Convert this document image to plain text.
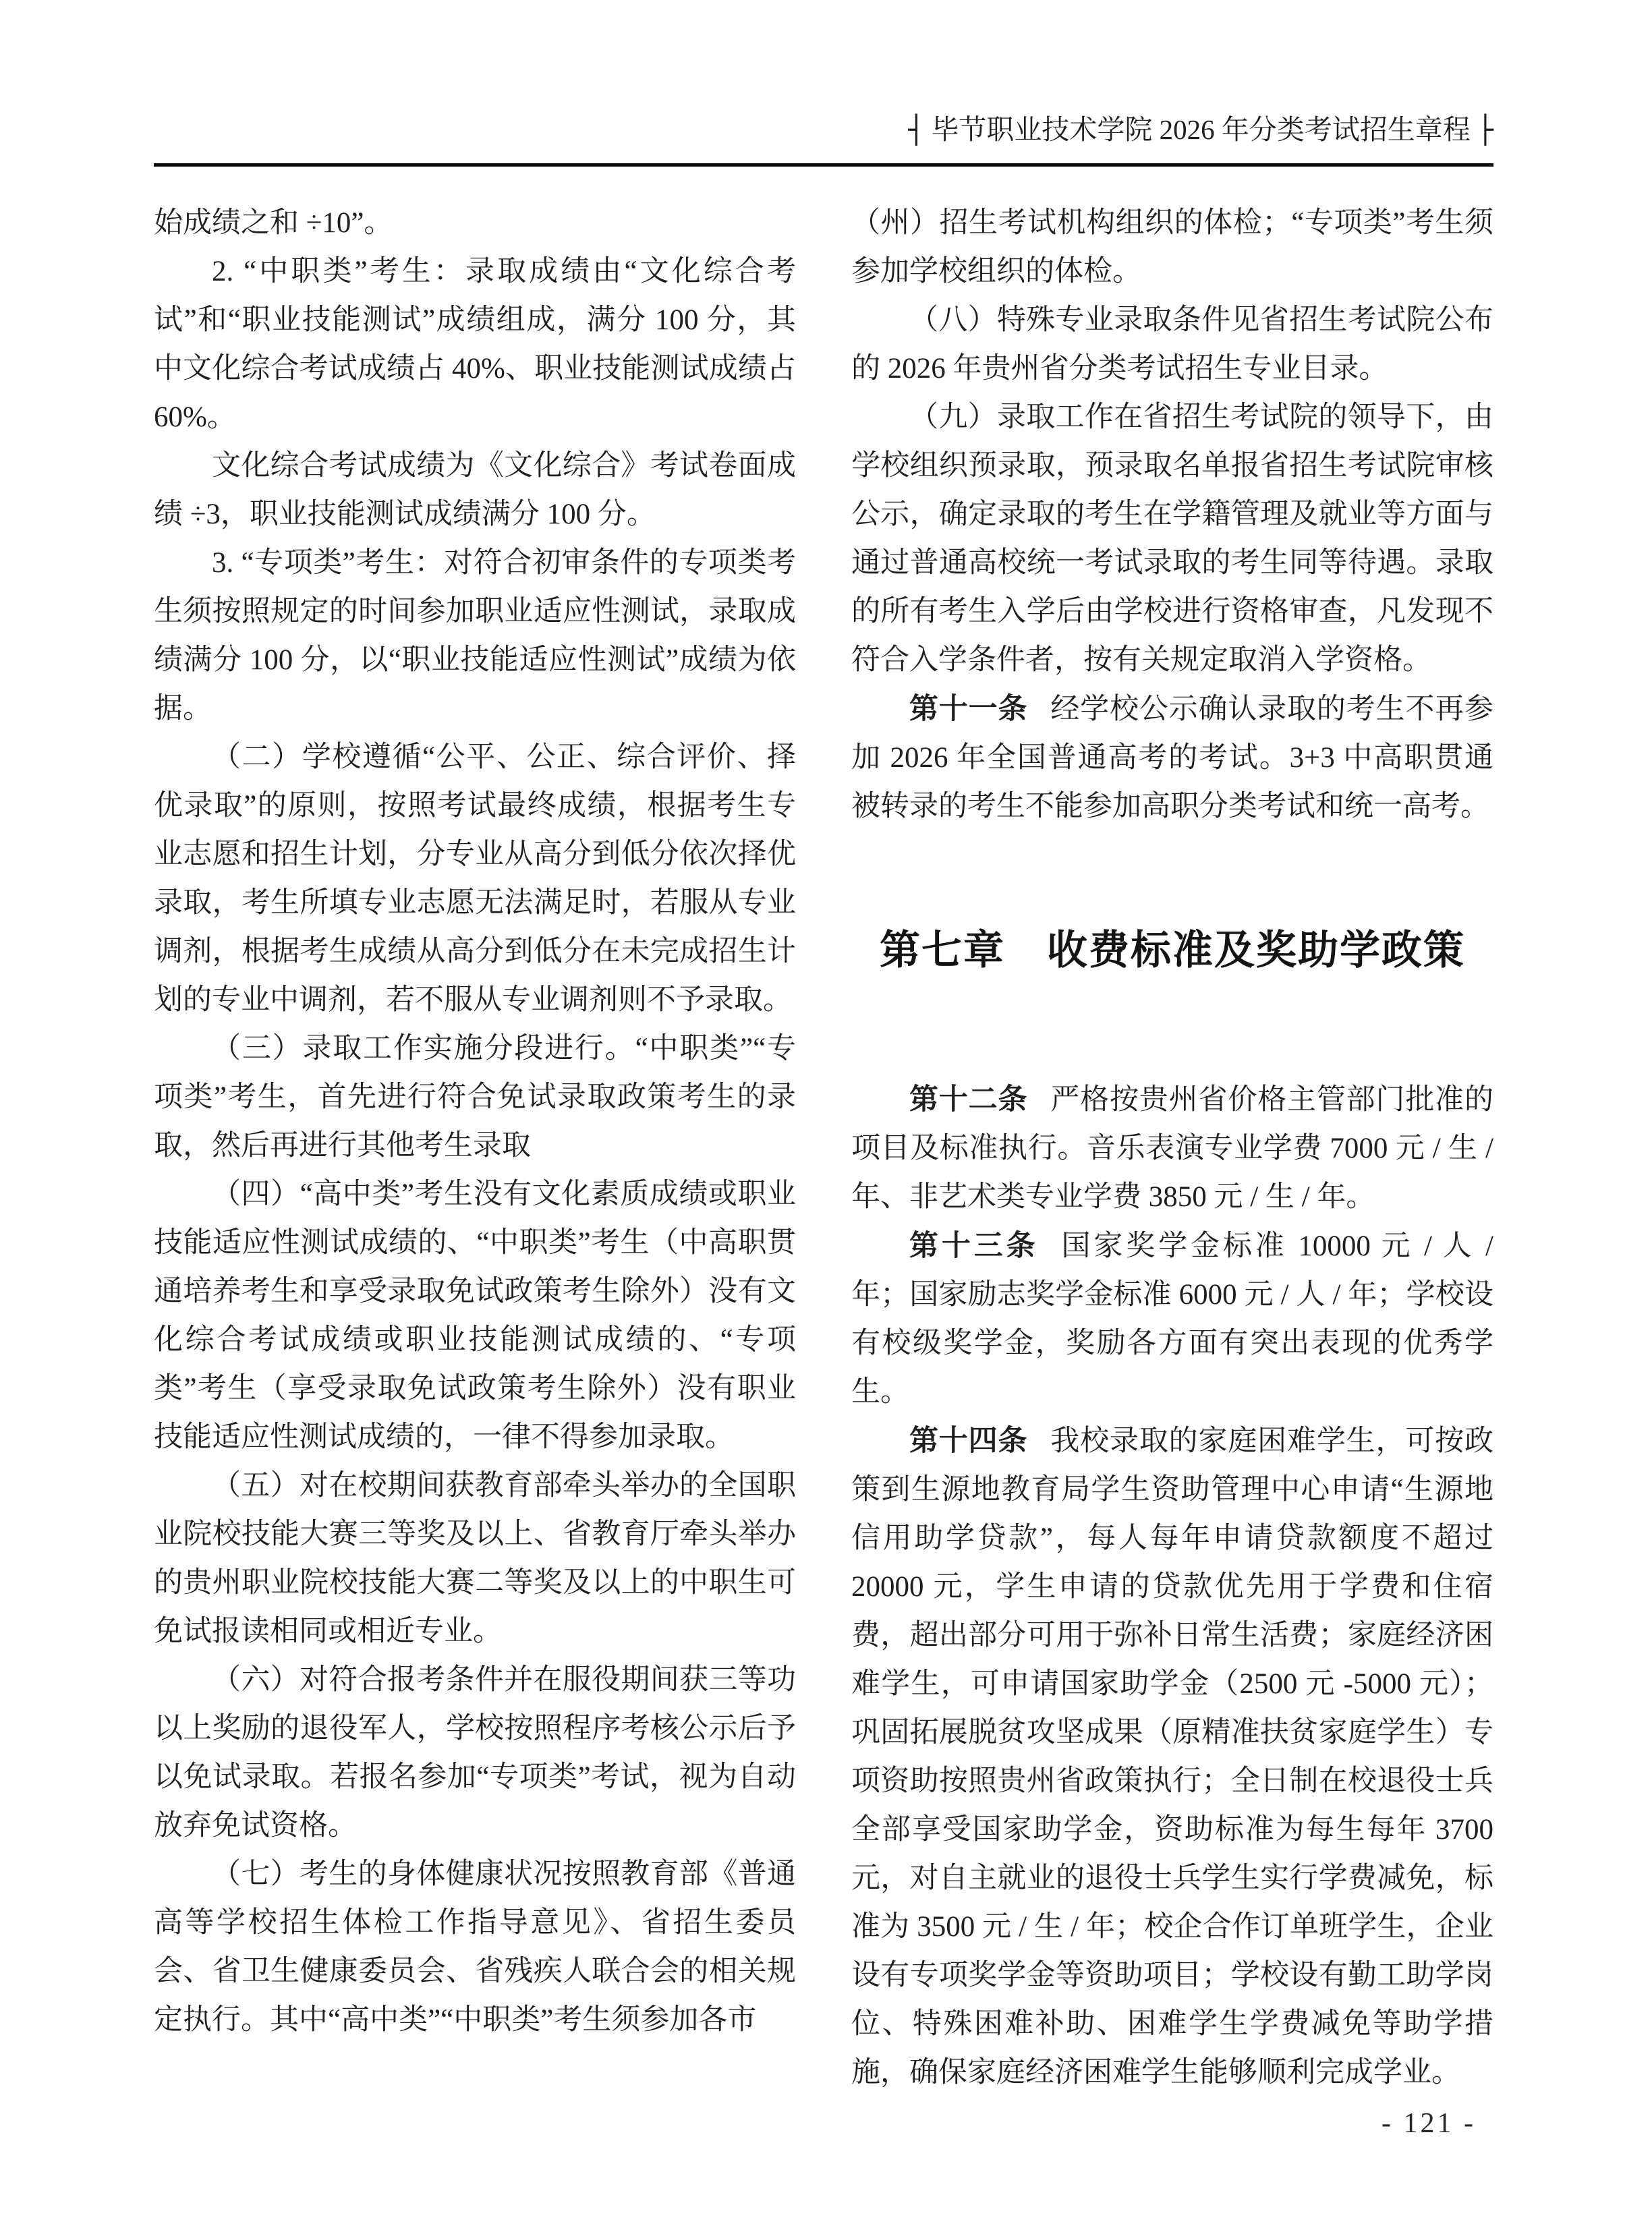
┤ 毕节职业技术学院 2026 年分类考试招生章程 ├

始成绩之和 ÷10”。

2. “中职类”考生：录取成绩由“文化综合考试”和“职业技能测试”成绩组成，满分 100 分，其中文化综合考试成绩占 40%、职业技能测试成绩占 60%。

文化综合考试成绩为《文化综合》考试卷面成绩 ÷3，职业技能测试成绩满分 100 分。

3. “专项类”考生：对符合初审条件的专项类考生须按照规定的时间参加职业适应性测试，录取成绩满分 100 分，以“职业技能适应性测试”成绩为依据。

（二）学校遵循“公平、公正、综合评价、择优录取”的原则，按照考试最终成绩，根据考生专业志愿和招生计划，分专业从高分到低分依次择优录取，考生所填专业志愿无法满足时，若服从专业调剂，根据考生成绩从高分到低分在未完成招生计划的专业中调剂，若不服从专业调剂则不予录取。

（三）录取工作实施分段进行。“中职类”“专项类”考生，首先进行符合免试录取政策考生的录取，然后再进行其他考生录取

（四）“高中类”考生没有文化素质成绩或职业技能适应性测试成绩的、“中职类”考生（中高职贯通培养考生和享受录取免试政策考生除外）没有文化综合考试成绩或职业技能测试成绩的、“专项类”考生（享受录取免试政策考生除外）没有职业技能适应性测试成绩的，一律不得参加录取。

（五）对在校期间获教育部牵头举办的全国职业院校技能大赛三等奖及以上、省教育厅牵头举办的贵州职业院校技能大赛二等奖及以上的中职生可免试报读相同或相近专业。

（六）对符合报考条件并在服役期间获三等功以上奖励的退役军人，学校按照程序考核公示后予以免试录取。若报名参加“专项类”考试，视为自动放弃免试资格。

（七）考生的身体健康状况按照教育部《普通高等学校招生体检工作指导意见》、省招生委员会、省卫生健康委员会、省残疾人联合会的相关规定执行。其中“高中类”“中职类”考生须参加各市

（州）招生考试机构组织的体检；“专项类”考生须参加学校组织的体检。

（八）特殊专业录取条件见省招生考试院公布的 2026 年贵州省分类考试招生专业目录。

（九）录取工作在省招生考试院的领导下，由学校组织预录取，预录取名单报省招生考试院审核公示，确定录取的考生在学籍管理及就业等方面与通过普通高校统一考试录取的考生同等待遇。录取的所有考生入学后由学校进行资格审查，凡发现不符合入学条件者，按有关规定取消入学资格。

第十一条 经学校公示确认录取的考生不再参加 2026 年全国普通高考的考试。3+3 中高职贯通被转录的考生不能参加高职分类考试和统一高考。

第七章　收费标准及奖助学政策

第十二条 严格按贵州省价格主管部门批准的项目及标准执行。音乐表演专业学费 7000 元 / 生 / 年、非艺术类专业学费 3850 元 / 生 / 年。

第十三条 国家奖学金标准 10000 元 / 人 / 年；国家励志奖学金标准 6000 元 / 人 / 年；学校设有校级奖学金，奖励各方面有突出表现的优秀学生。

第十四条 我校录取的家庭困难学生，可按政策到生源地教育局学生资助管理中心申请“生源地信用助学贷款”，每人每年申请贷款额度不超过 20000 元，学生申请的贷款优先用于学费和住宿费，超出部分可用于弥补日常生活费；家庭经济困难学生，可申请国家助学金（2500 元 -5000 元）；巩固拓展脱贫攻坚成果（原精准扶贫家庭学生）专项资助按照贵州省政策执行；全日制在校退役士兵全部享受国家助学金，资助标准为每生每年 3700 元，对自主就业的退役士兵学生实行学费减免，标准为 3500 元 / 生 / 年；校企合作订单班学生，企业设有专项奖学金等资助项目；学校设有勤工助学岗位、特殊困难补助、困难学生学费减免等助学措施，确保家庭经济困难学生能够顺利完成学业。

- 121 -
